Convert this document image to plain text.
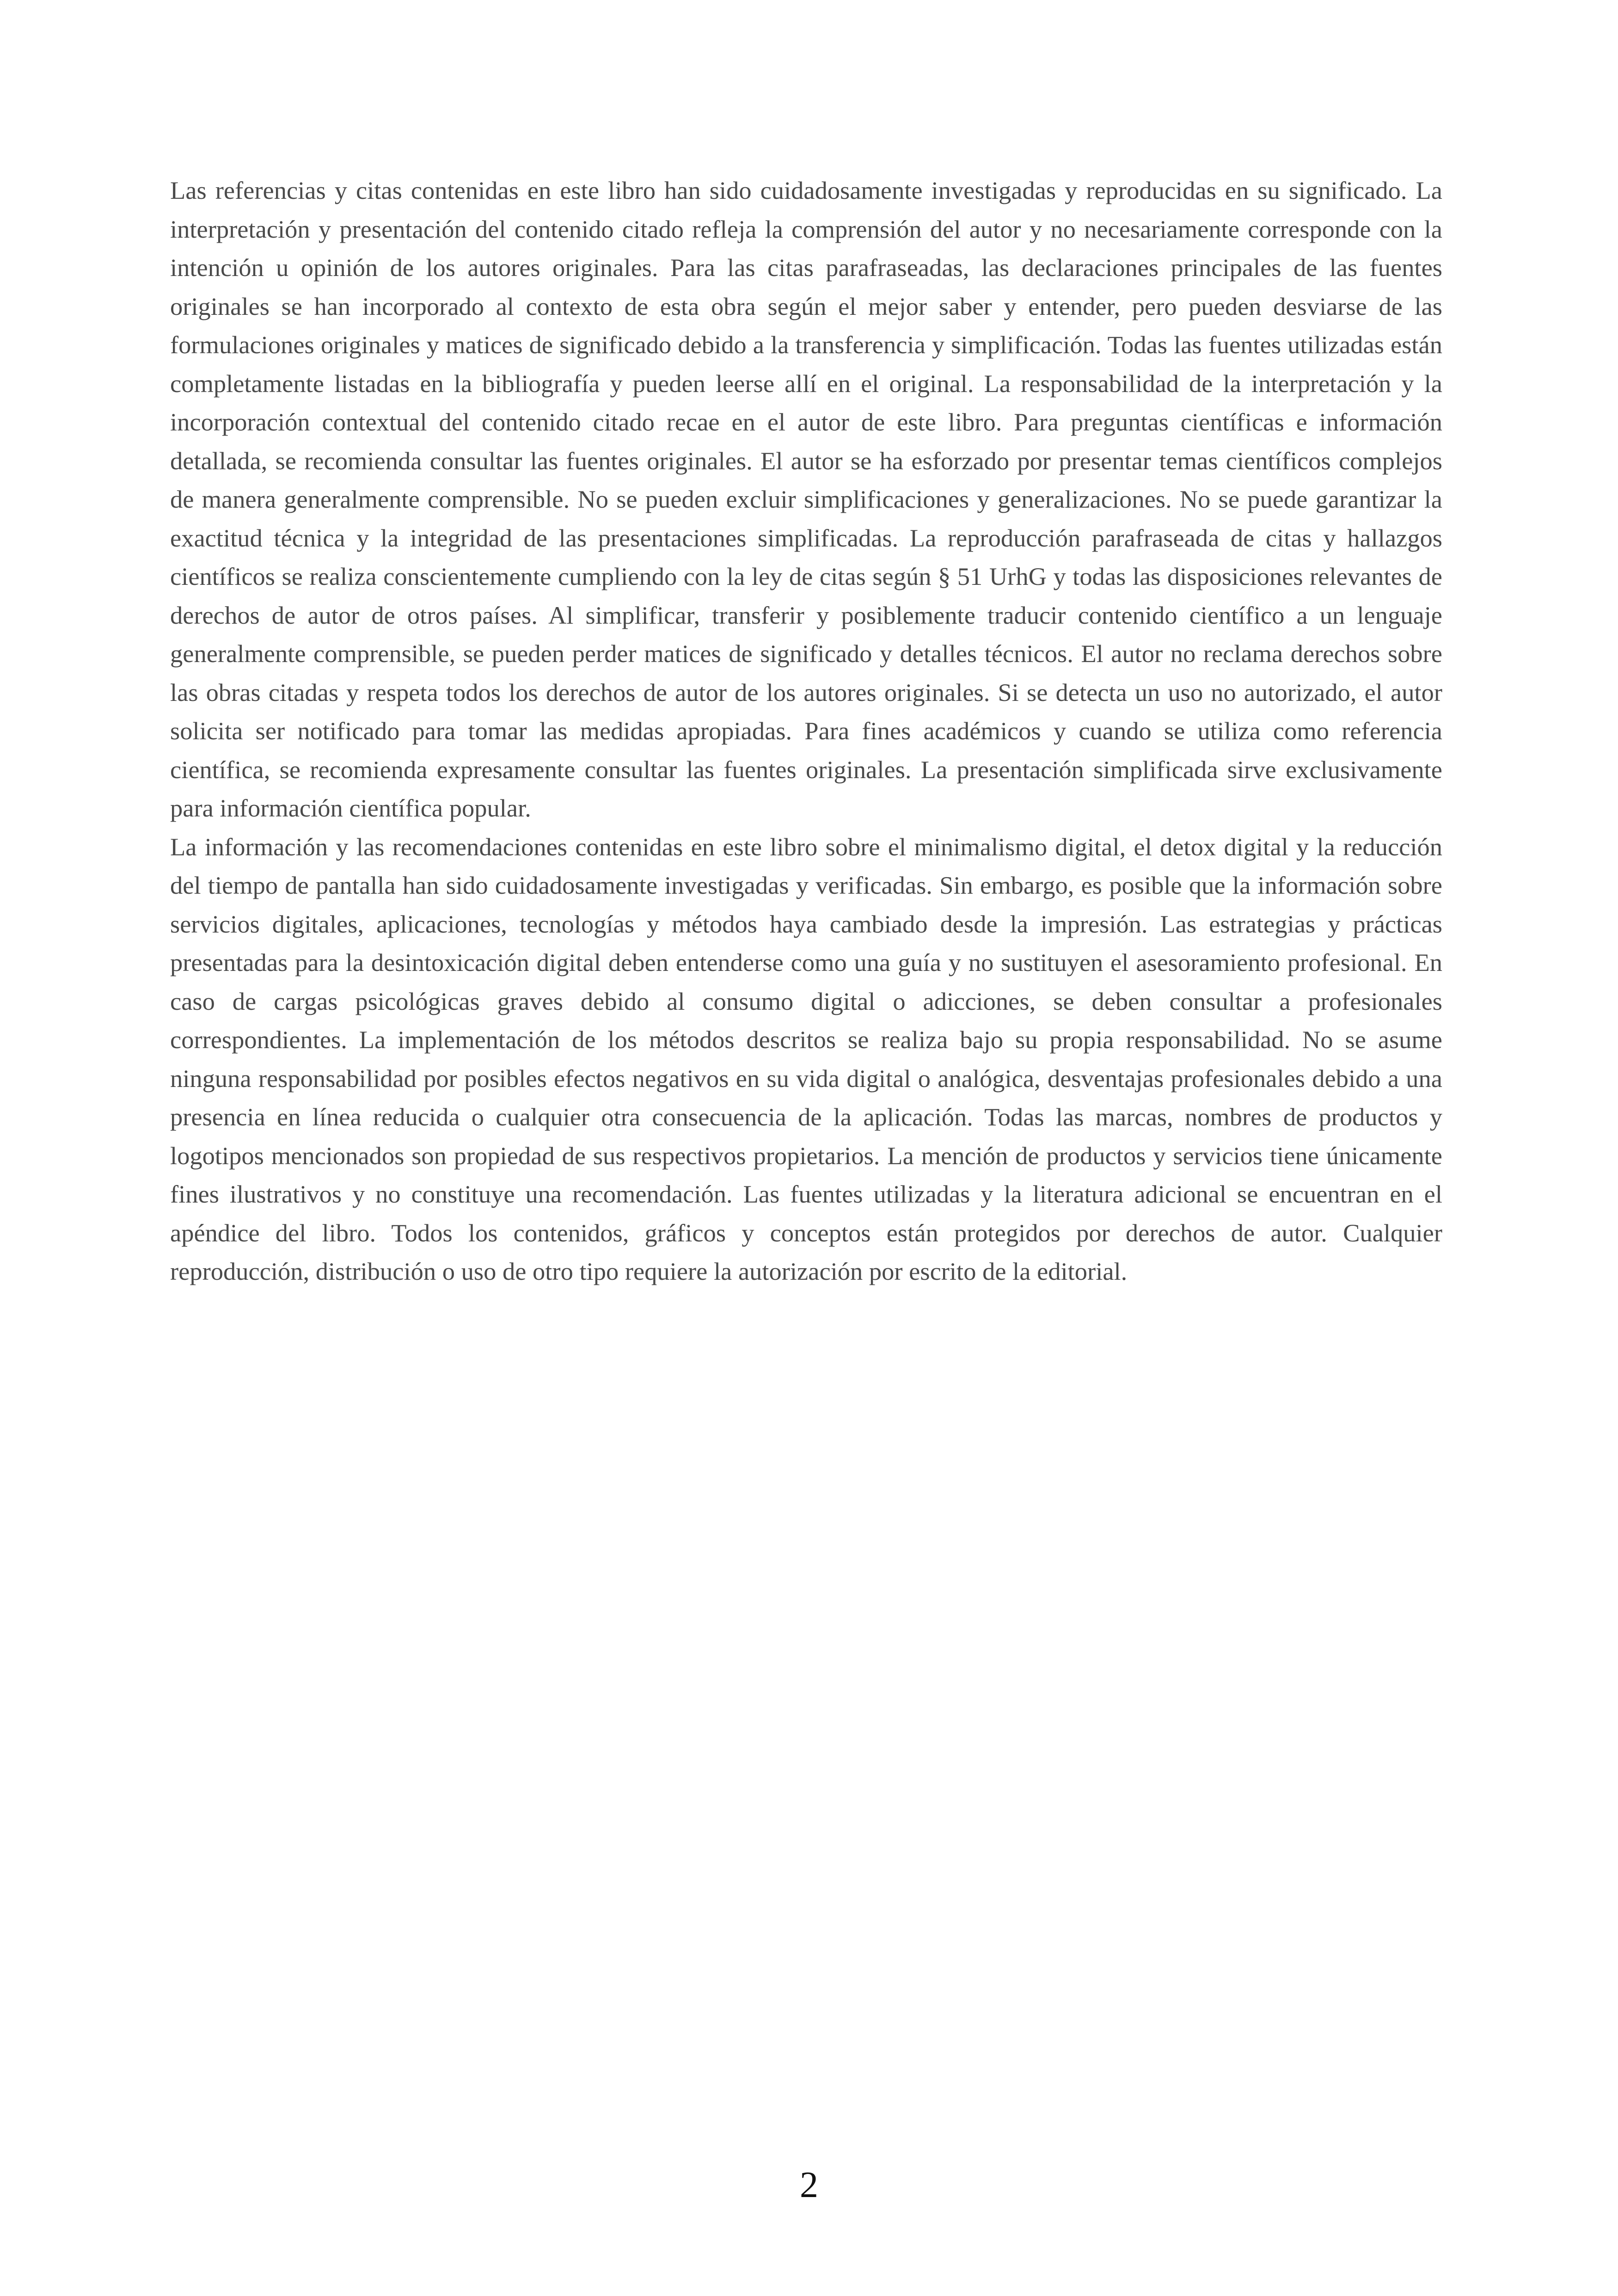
Las referencias y citas contenidas en este libro han sido cuidadosamente investigadas y reproducidas en su significado. La interpretación y presentación del contenido citado refleja la comprensión del autor y no necesariamente corresponde con la intención u opinión de los autores originales. Para las citas parafraseadas, las declaraciones principales de las fuentes originales se han incorporado al contexto de esta obra según el mejor saber y entender, pero pueden desviarse de las formulaciones originales y matices de significado debido a la transferencia y simplificación. Todas las fuentes utilizadas están completamente listadas en la bibliografía y pueden leerse allí en el original. La responsabilidad de la interpretación y la incorporación contextual del contenido citado recae en el autor de este libro. Para preguntas científicas e información detallada, se recomienda consultar las fuentes originales. El autor se ha esforzado por presentar temas científicos complejos de manera generalmente comprensible. No se pueden excluir simplificaciones y generalizaciones. No se puede garantizar la exactitud técnica y la integridad de las presentaciones simplificadas. La reproducción parafraseada de citas y hallazgos científicos se realiza conscientemente cumpliendo con la ley de citas según § 51 UrhG y todas las disposiciones relevantes de derechos de autor de otros países. Al simplificar, transferir y posiblemente traducir contenido científico a un lenguaje generalmente comprensible, se pueden perder matices de significado y detalles técnicos. El autor no reclama derechos sobre las obras citadas y respeta todos los derechos de autor de los autores originales. Si se detecta un uso no autorizado, el autor solicita ser notificado para tomar las medidas apropiadas. Para fines académicos y cuando se utiliza como referencia científica, se recomienda expresamente consultar las fuentes originales. La presentación simplificada sirve exclusivamente para información científica popular.

La información y las recomendaciones contenidas en este libro sobre el minimalismo digital, el detox digital y la reducción del tiempo de pantalla han sido cuidadosamente investigadas y verificadas. Sin embargo, es posible que la información sobre servicios digitales, aplicaciones, tecnologías y métodos haya cambiado desde la impresión. Las estrategias y prácticas presentadas para la desintoxicación digital deben entenderse como una guía y no sustituyen el asesoramiento profesional. En caso de cargas psicológicas graves debido al consumo digital o adicciones, se deben consultar a profesionales correspondientes. La implementación de los métodos descritos se realiza bajo su propia responsabilidad. No se asume ninguna responsabilidad por posibles efectos negativos en su vida digital o analógica, desventajas profesionales debido a una presencia en línea reducida o cualquier otra consecuencia de la aplicación. Todas las marcas, nombres de productos y logotipos mencionados son propiedad de sus respectivos propietarios. La mención de productos y servicios tiene únicamente fines ilustrativos y no constituye una recomendación. Las fuentes utilizadas y la literatura adicional se encuentran en el apéndice del libro. Todos los contenidos, gráficos y conceptos están protegidos por derechos de autor. Cualquier reproducción, distribución o uso de otro tipo requiere la autorización por escrito de la editorial.

2
